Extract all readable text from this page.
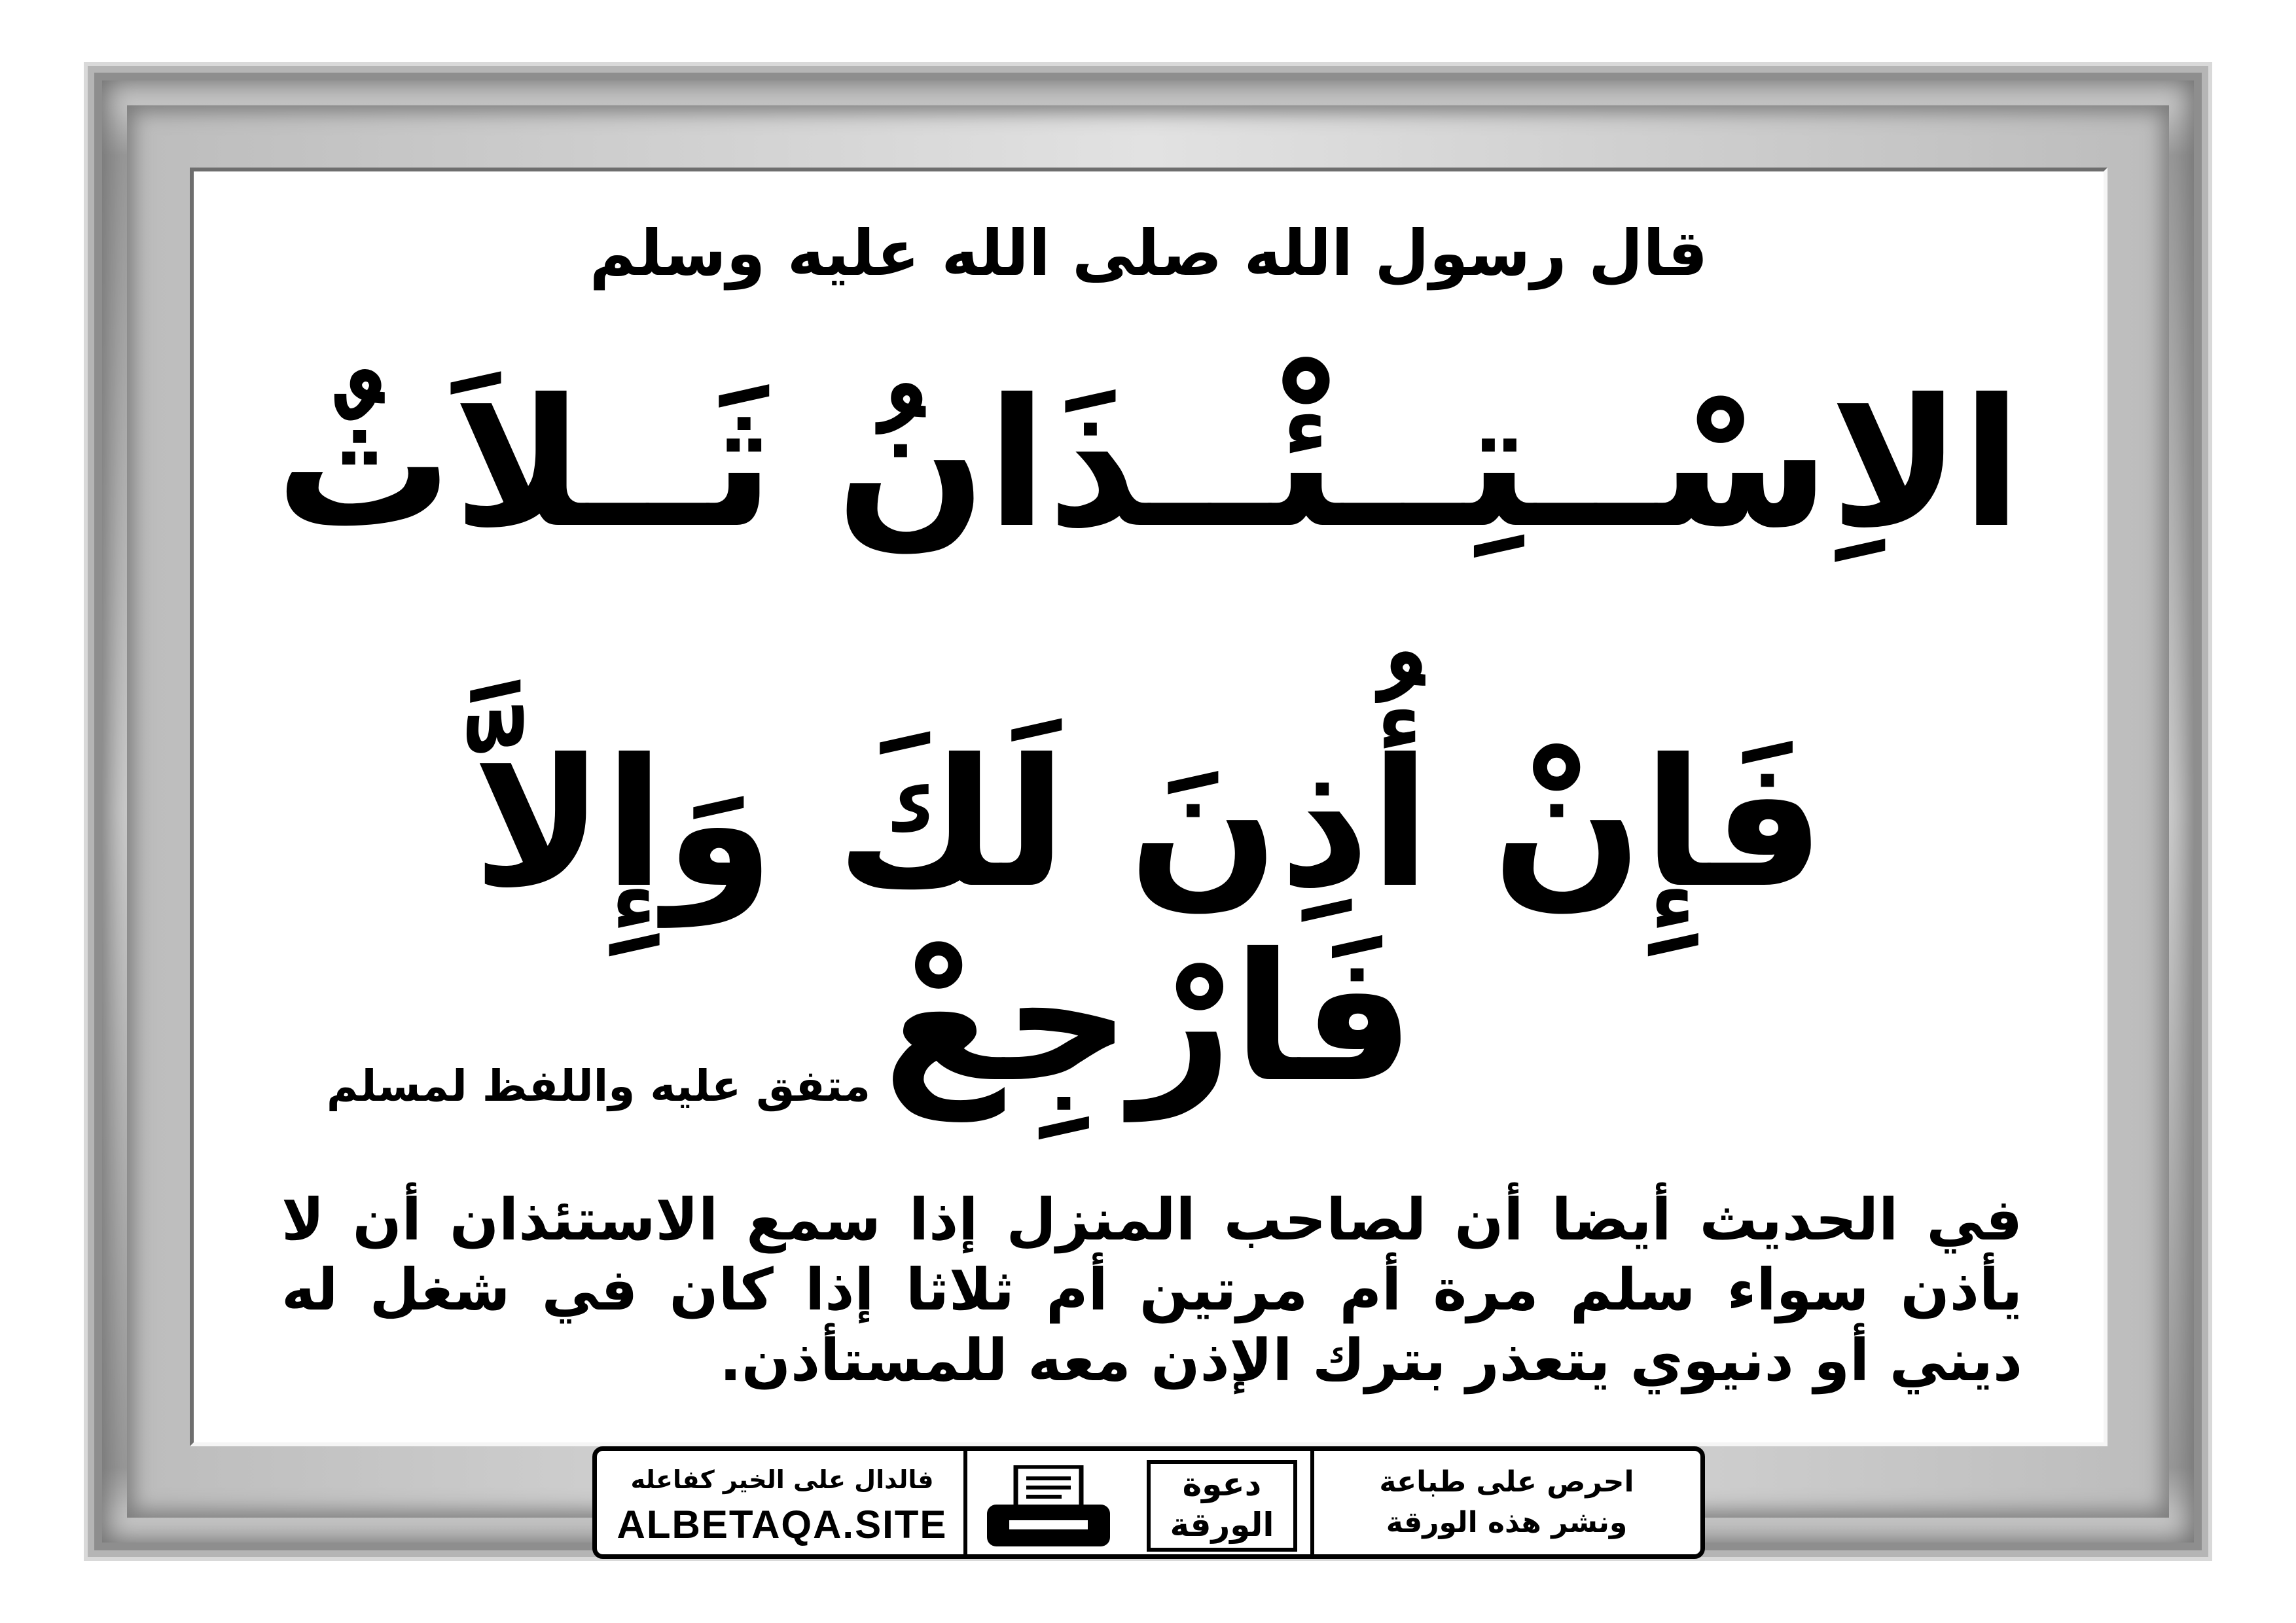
قال رسول الله صلى الله عليه وسلم
الاِسْــتِــئْــذَانُ ثَــلاَثٌ
فَإِنْ أُذِنَ لَكَ وَإِلاَّ فَارْجِعْ
متفق عليه واللفظ لمسلم
في الحديث أيضا أن لصاحب المنزل إذا سمع الاستئذان أن لا يأذن سواء سلم مرة أم مرتين أم ثلاثا إذا كان في شغل له ديني أو دنيوي يتعذر بترك الإذن معه للمستأذن.
فالدال على الخير كفاعله
ALBETAQA.SITE
دعوة
الورقة
احرص على طباعة
ونشر هذه الورقة
